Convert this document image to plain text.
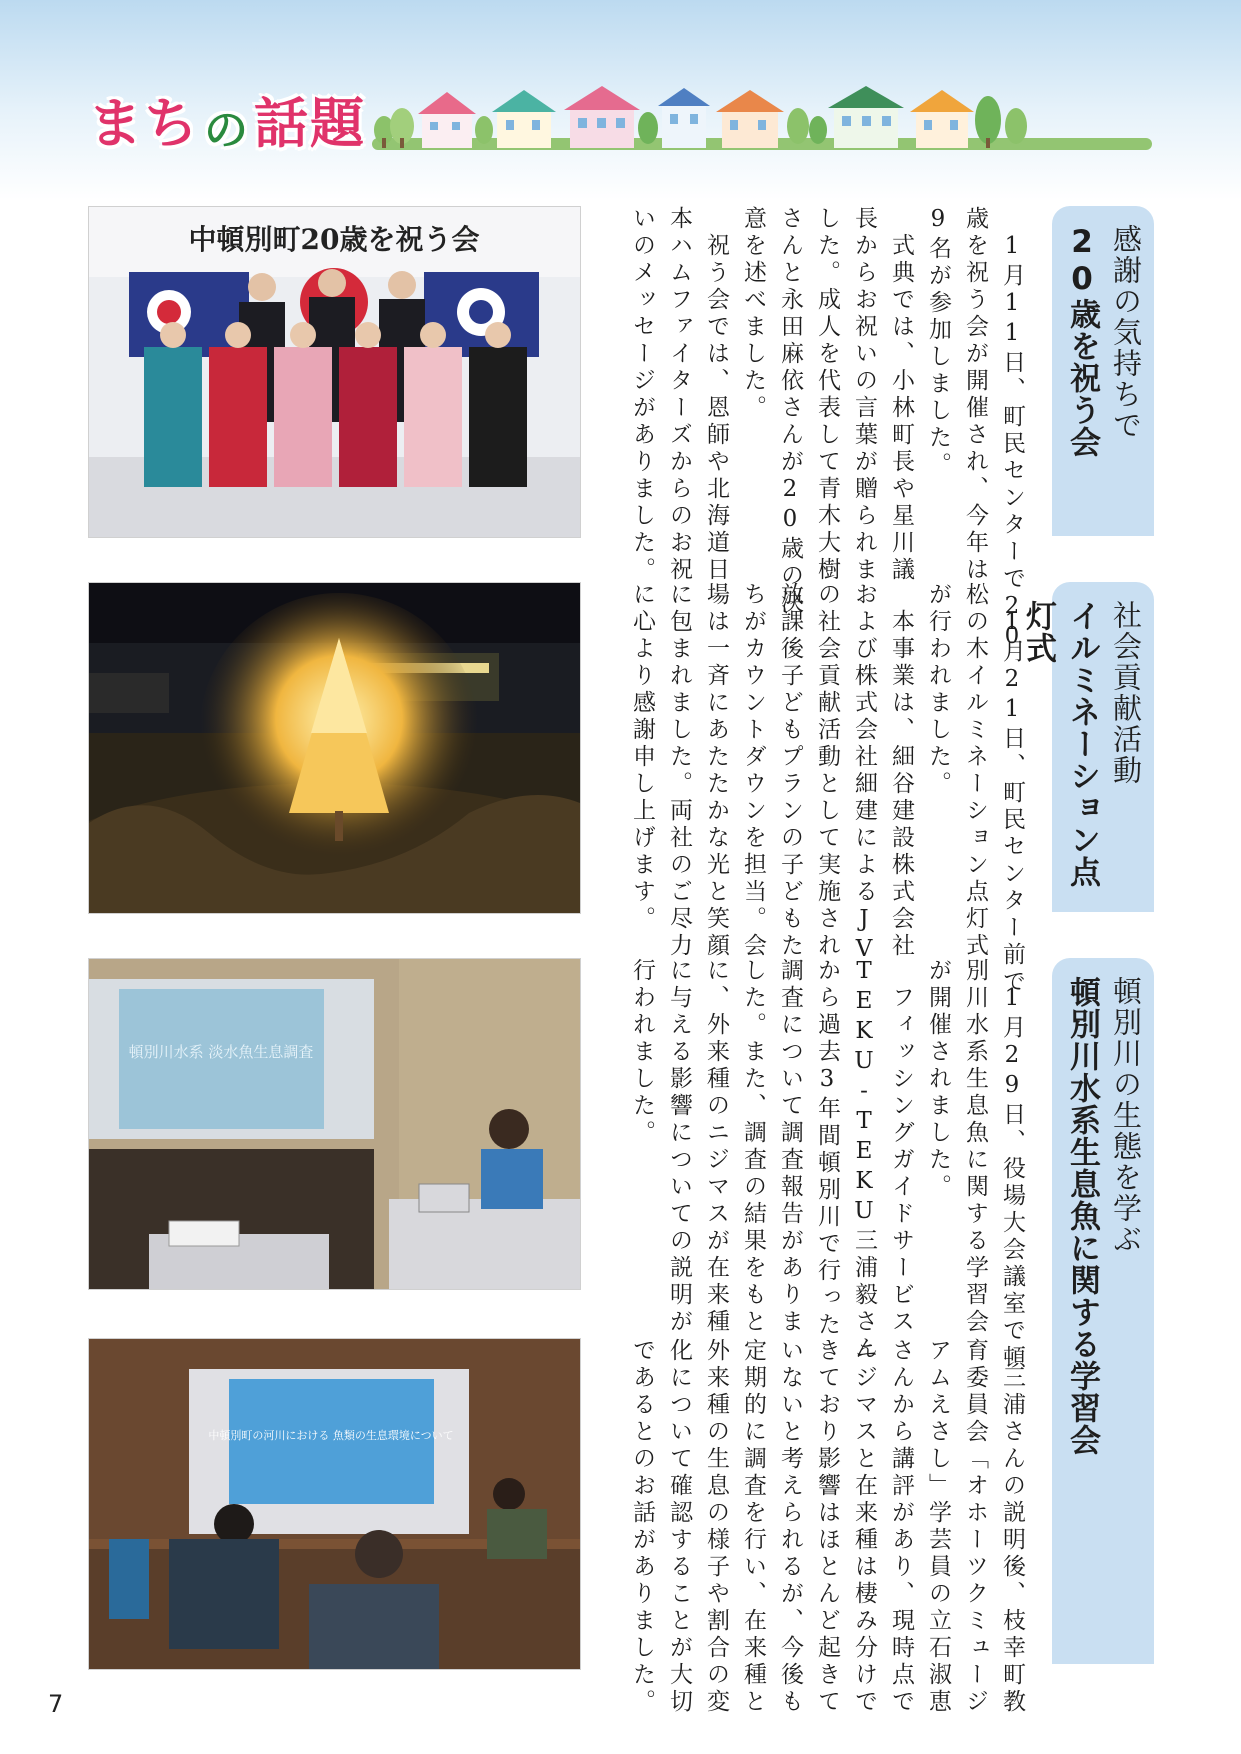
ま ち の 話題
中頓別町20歳を祝う会	　1月11日、町民センターで20
歳を祝う会が開催され、今年は
9名が参加しました。
　式典では、小林町長や星川議
長からお祝いの言葉が贈られま
した。成人を代表して青木大樹
さんと永田麻依さんが20歳の決
意を述べました。
　祝う会では、恩師や北海道日
本ハムファイターズからのお祝
いのメッセージがありました。	感謝の気持ちで
20歳を祝う会
　1月21日、町民センター前で
松の木イルミネーション点灯式
が行われました。
　本事業は、細谷建設株式会社
および株式会社細建によるJV
の社会貢献活動として実施され
放課後子どもプランの子どもた
ちがカウントダウンを担当。会
場は一斉にあたたかな光と笑顔
に包まれました。両社のご尽力
に心より感謝申し上げます。	社会貢献活動
イルミネーション点灯式
頓別川水系 淡水魚生息調査	　1月29日、役場大会議室で頓
別川水系生息魚に関する学習会
が開催されました。
　フィッシングガイドサービス
TEKU-TEKU三浦毅さん
から過去3年間頓別川で行った
調査について調査報告がありま
した。また、調査の結果をもと
に、外来種のニジマスが在来種
に与える影響についての説明が
行われました。	頓別川の生態を学ぶ
頓別川水系生息魚に関する学習会
中頓別町の河川における 魚類の生息環境について	　三浦さんの説明後、枝幸町教
育委員会「オホーツクミュージ
アムえさし」学芸員の立石淑恵
さんから講評があり、現時点で
ニジマスと在来種は棲み分けで
きており影響はほとんど起きて
いないと考えられるが、今後も
定期的に調査を行い、在来種と
外来種の生息の様子や割合の変
化について確認することが大切
であるとのお話がありました。
7
